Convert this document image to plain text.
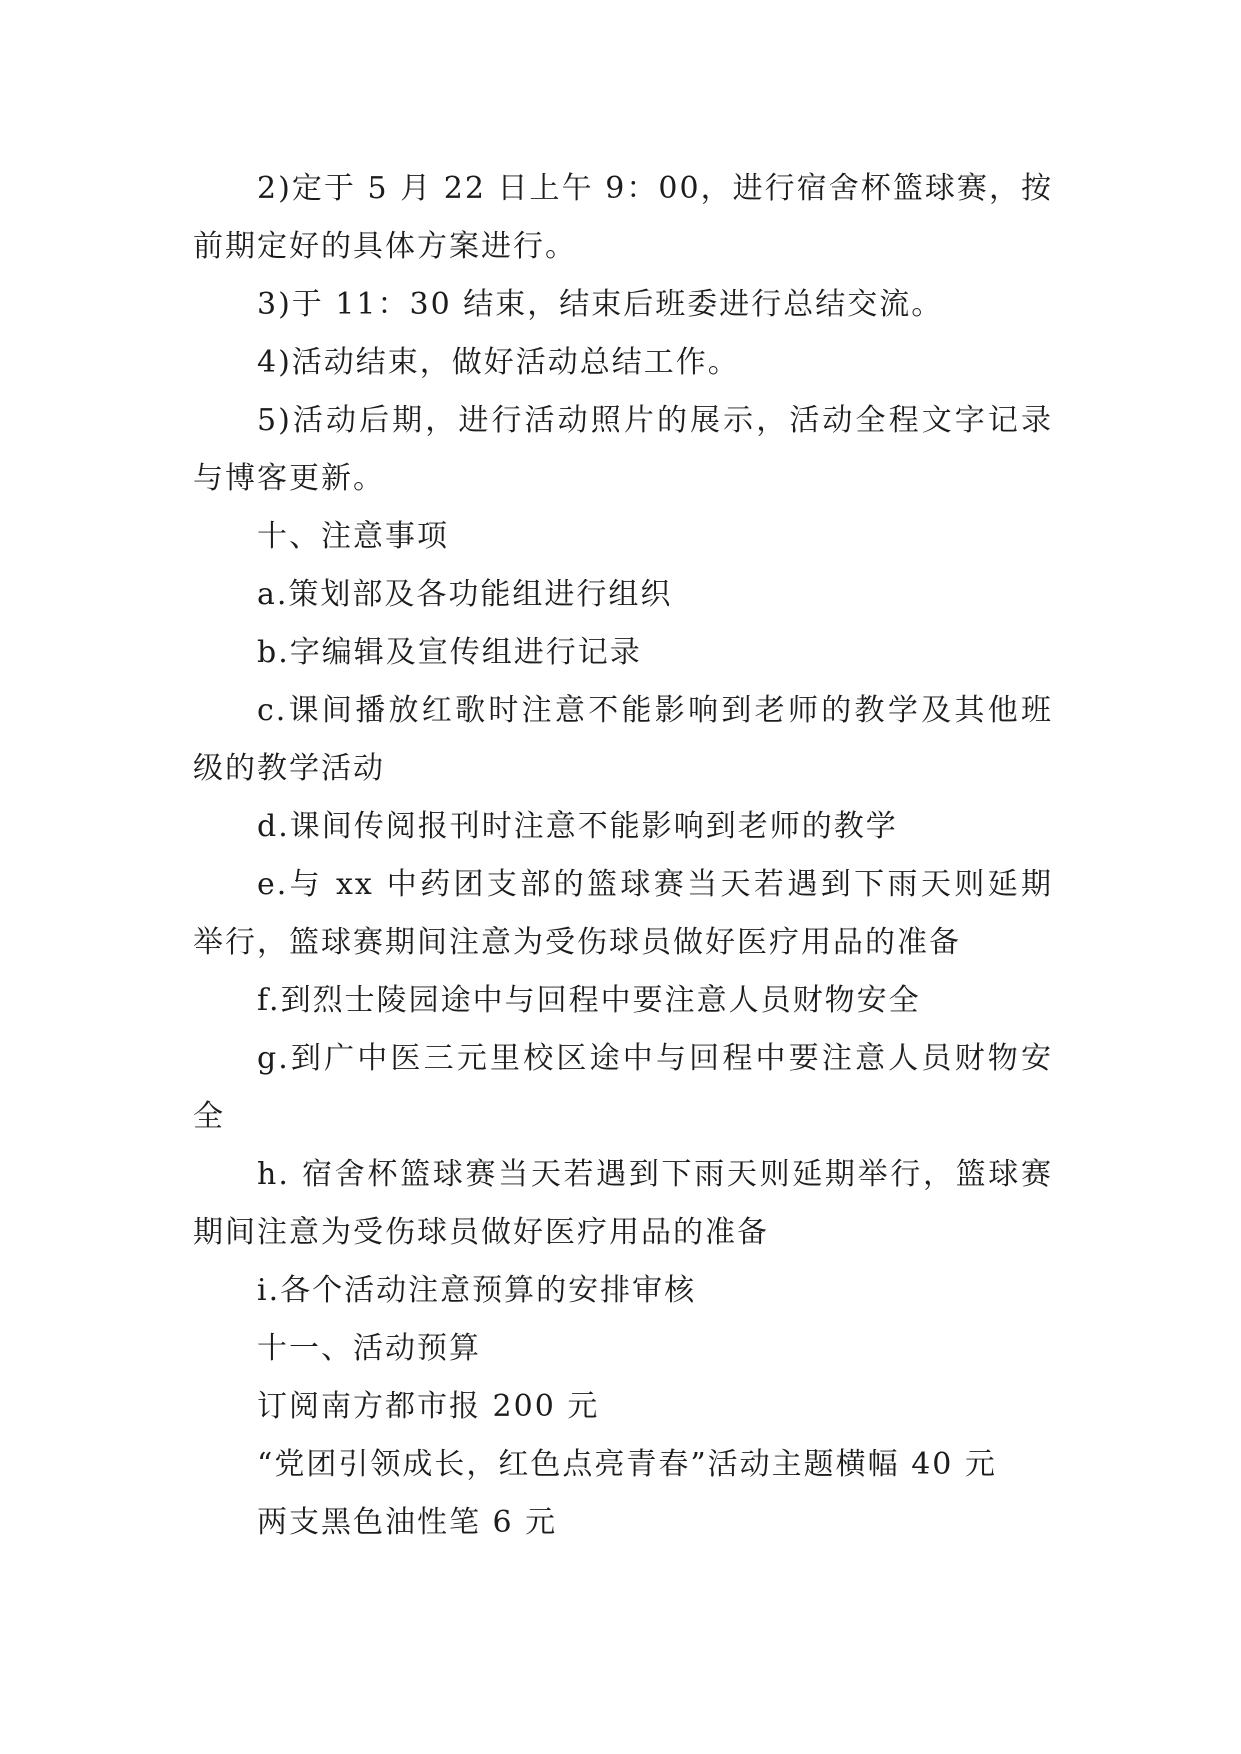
2)定于 5 月 22 日上午 9：00，进行宿舍杯篮球赛，按前期定好的具体方案进行。

3)于 11：30 结束，结束后班委进行总结交流。

4)活动结束，做好活动总结工作。

5)活动后期，进行活动照片的展示，活动全程文字记录与博客更新。

十、注意事项

a.策划部及各功能组进行组织

b.字编辑及宣传组进行记录

c.课间播放红歌时注意不能影响到老师的教学及其他班级的教学活动

d.课间传阅报刊时注意不能影响到老师的教学

e.与 xx 中药团支部的篮球赛当天若遇到下雨天则延期举行，篮球赛期间注意为受伤球员做好医疗用品的准备

f.到烈士陵园途中与回程中要注意人员财物安全

g.到广中医三元里校区途中与回程中要注意人员财物安全

h. 宿舍杯篮球赛当天若遇到下雨天则延期举行，篮球赛期间注意为受伤球员做好医疗用品的准备

i.各个活动注意预算的安排审核

十一、活动预算

订阅南方都市报 200 元

“党团引领成长，红色点亮青春”活动主题横幅 40 元

两支黑色油性笔 6 元
